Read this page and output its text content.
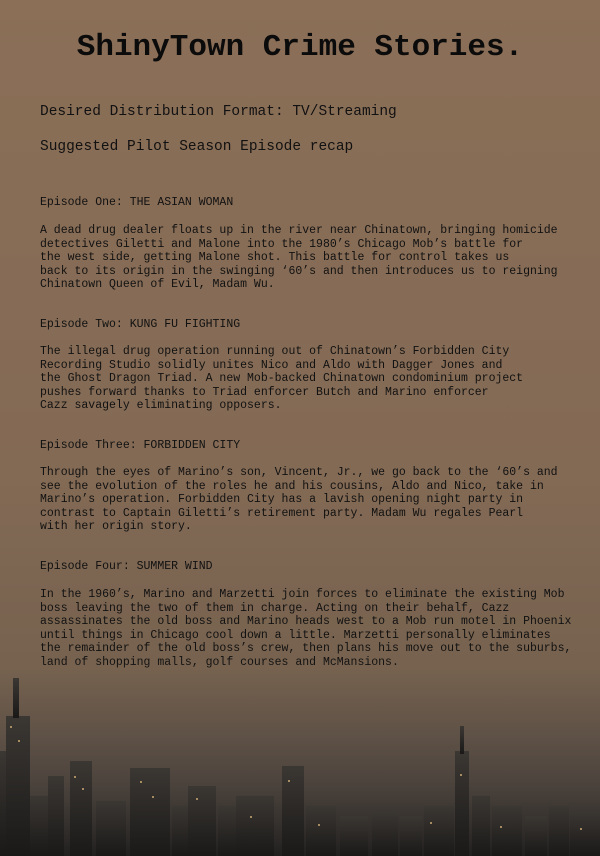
ShinyTown Crime Stories.
Desired Distribution Format: TV/Streaming
Suggested Pilot Season Episode recap
Episode One: THE ASIAN WOMAN
A dead drug dealer floats up in the river near Chinatown, bringing homicide
detectives Giletti and Malone into the 1980’s Chicago Mob’s battle for
the west side, getting Malone shot. This battle for control takes us
back to its origin in the swinging ‘60’s and then introduces us to reigning
Chinatown Queen of Evil, Madam Wu.
Episode Two: KUNG FU FIGHTING
The illegal drug operation running out of Chinatown’s Forbidden City
Recording Studio solidly unites Nico and Aldo with Dagger Jones and
the Ghost Dragon Triad. A new Mob-backed Chinatown condominium project
pushes forward thanks to Triad enforcer Butch and Marino enforcer
Cazz savagely eliminating opposers.
Episode Three: FORBIDDEN CITY
Through the eyes of Marino’s son, Vincent, Jr., we go back to the ‘60’s and
see the evolution of the roles he and his cousins, Aldo and Nico, take in
Marino’s operation. Forbidden City has a lavish opening night party in
contrast to Captain Giletti’s retirement party. Madam Wu regales Pearl
with her origin story.
Episode Four: SUMMER WIND
In the 1960’s, Marino and Marzetti join forces to eliminate the existing Mob
boss leaving the two of them in charge. Acting on their behalf, Cazz
assassinates the old boss and Marino heads west to a Mob run motel in Phoenix
until things in Chicago cool down a little. Marzetti personally eliminates
the remainder of the old boss’s crew, then plans his move out to the suburbs,
